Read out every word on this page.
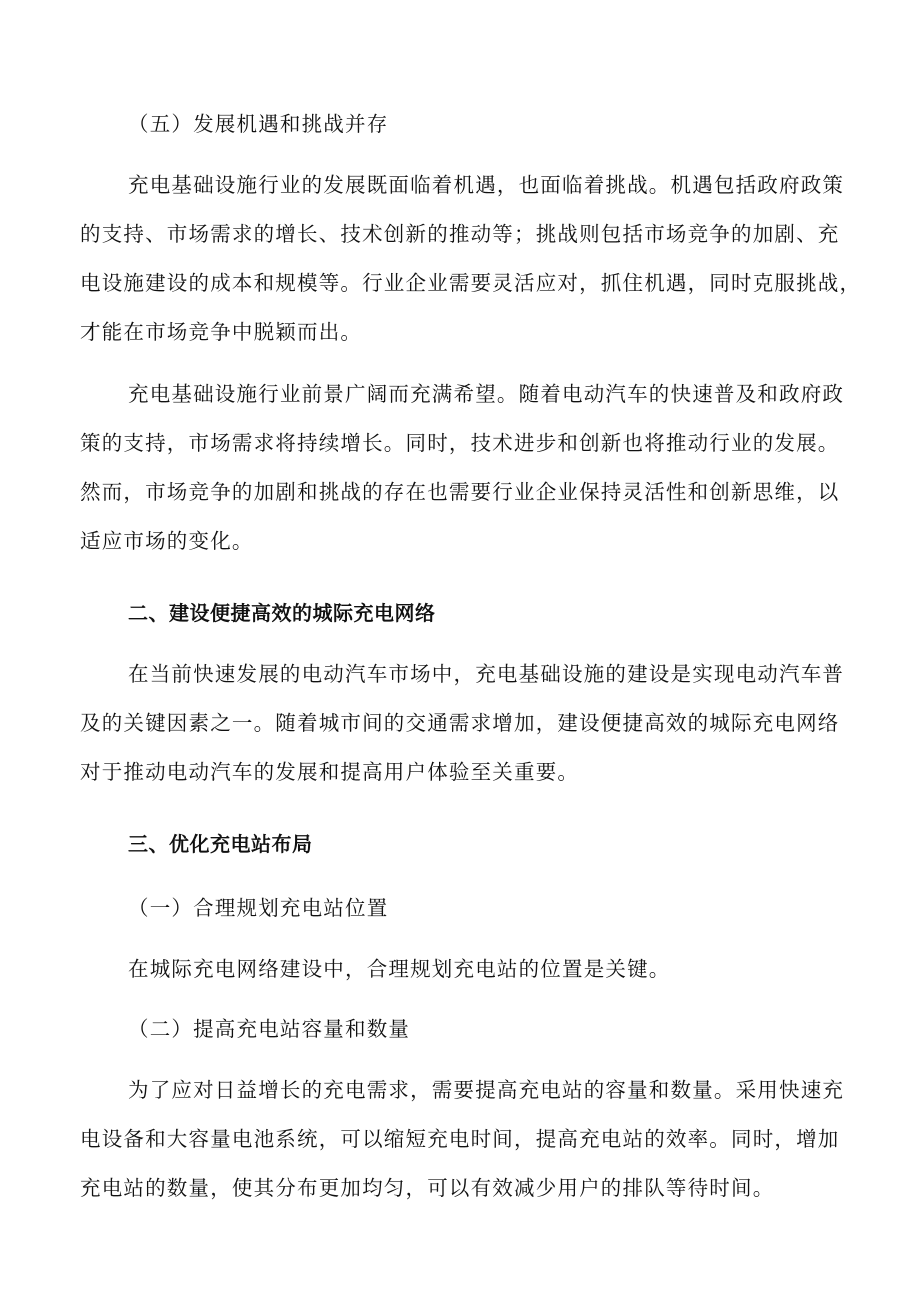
（五）发展机遇和挑战并存
充电基础设施行业的发展既面临着机遇，也面临着挑战。机遇包括政府政策
的支持、市场需求的增长、技术创新的推动等；挑战则包括市场竞争的加剧、充
电设施建设的成本和规模等。行业企业需要灵活应对，抓住机遇，同时克服挑战，
才能在市场竞争中脱颖而出。
充电基础设施行业前景广阔而充满希望。随着电动汽车的快速普及和政府政
策的支持，市场需求将持续增长。同时，技术进步和创新也将推动行业的发展。
然而，市场竞争的加剧和挑战的存在也需要行业企业保持灵活性和创新思维，以
适应市场的变化。
二、建设便捷高效的城际充电网络
在当前快速发展的电动汽车市场中，充电基础设施的建设是实现电动汽车普
及的关键因素之一。随着城市间的交通需求增加，建设便捷高效的城际充电网络
对于推动电动汽车的发展和提高用户体验至关重要。
三、优化充电站布局
（一）合理规划充电站位置
在城际充电网络建设中，合理规划充电站的位置是关键。
（二）提高充电站容量和数量
为了应对日益增长的充电需求，需要提高充电站的容量和数量。采用快速充
电设备和大容量电池系统，可以缩短充电时间，提高充电站的效率。同时，增加
充电站的数量，使其分布更加均匀，可以有效减少用户的排队等待时间。
